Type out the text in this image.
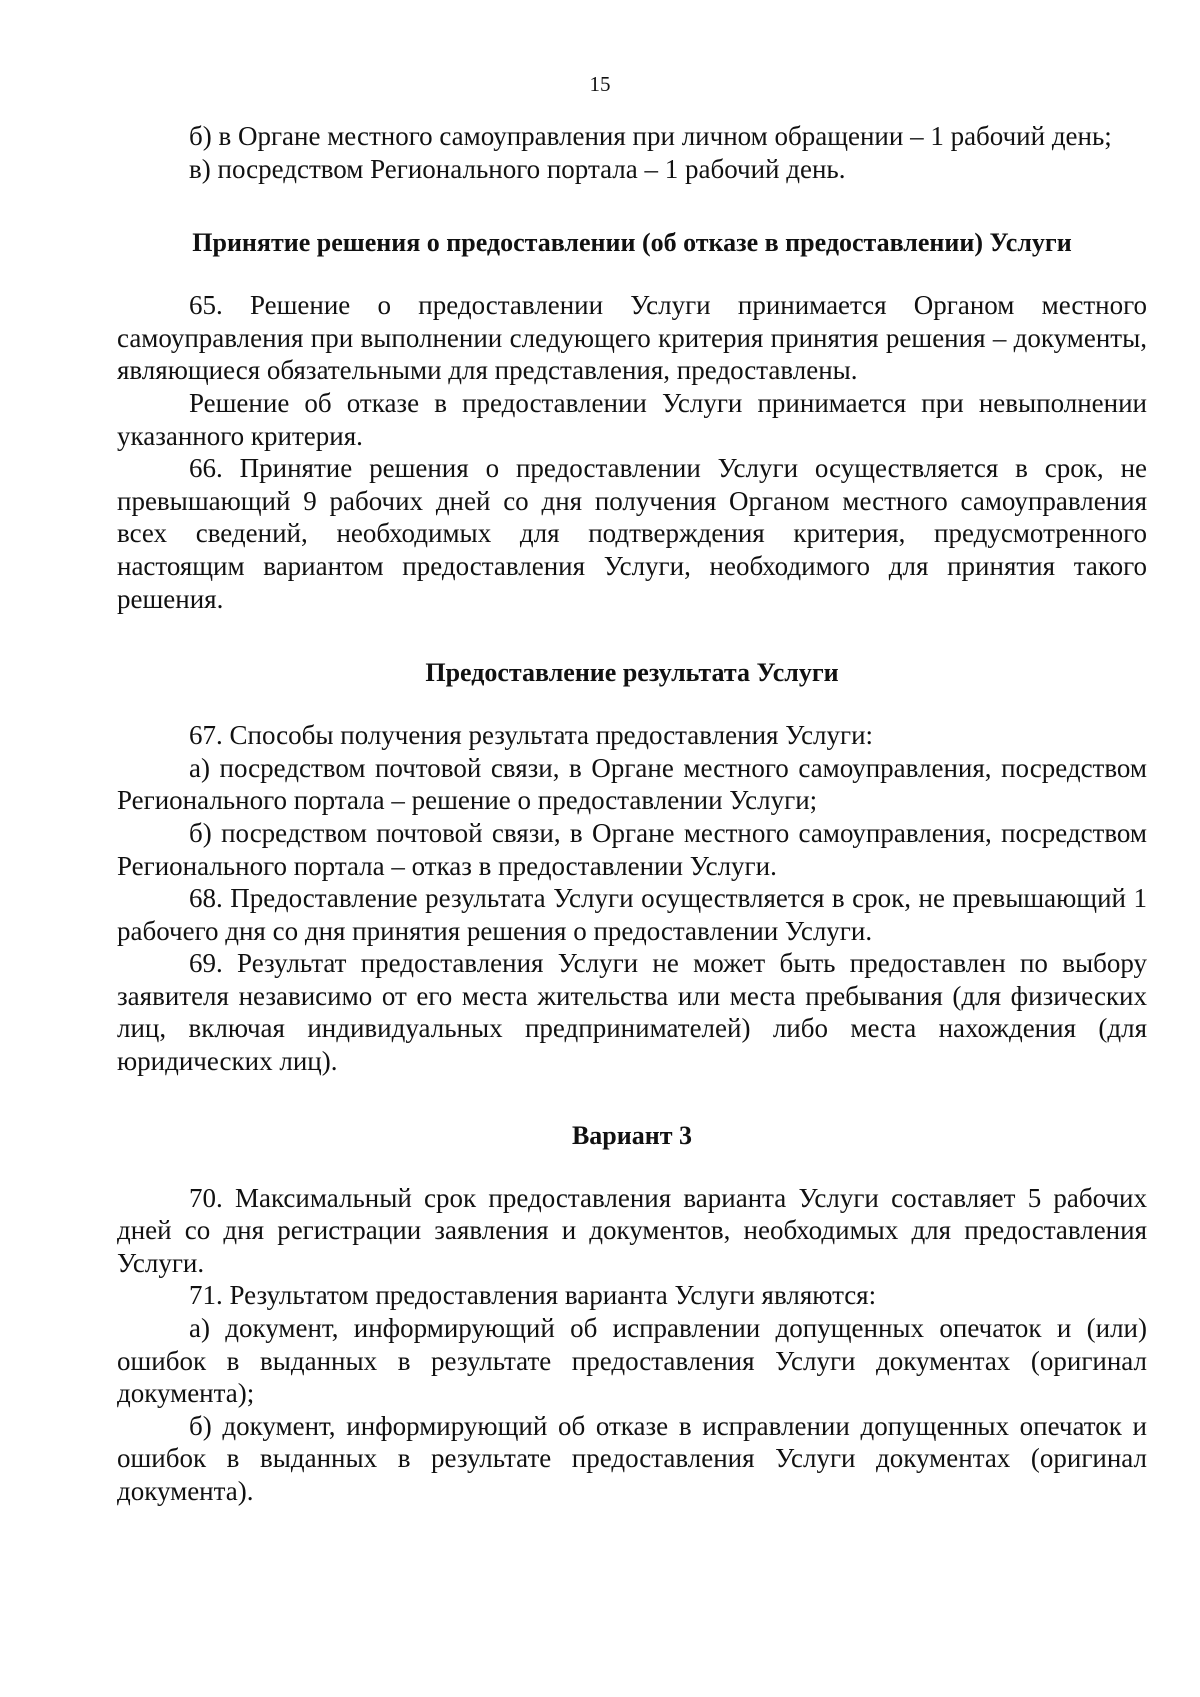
15

б) в Органе местного самоуправления при личном обращении – 1 рабочий день;

в) посредством Регионального портала – 1 рабочий день.

Принятие решения о предоставлении (об отказе в предоставлении) Услуги

65. Решение о предоставлении Услуги принимается Органом местного самоуправления при выполнении следующего критерия принятия решения – документы, являющиеся обязательными для представления, предоставлены.

Решение об отказе в предоставлении Услуги принимается при невыполнении указанного критерия.

66. Принятие решения о предоставлении Услуги осуществляется в срок, не превышающий 9 рабочих дней со дня получения Органом местного самоуправления всех сведений, необходимых для подтверждения критерия, предусмотренного настоящим вариантом предоставления Услуги, необходимого для принятия такого решения.

Предоставление результата Услуги

67. Способы получения результата предоставления Услуги:

а) посредством почтовой связи, в Органе местного самоуправления, посредством Регионального портала – решение о предоставлении Услуги;

б) посредством почтовой связи, в Органе местного самоуправления, посредством Регионального портала – отказ в предоставлении Услуги.

68. Предоставление результата Услуги осуществляется в срок, не превышающий 1 рабочего дня со дня принятия решения о предоставлении Услуги.

69. Результат предоставления Услуги не может быть предоставлен по выбору заявителя независимо от его места жительства или места пребывания (для физических лиц, включая индивидуальных предпринимателей) либо места нахождения (для юридических лиц).

Вариант 3

70. Максимальный срок предоставления варианта Услуги составляет 5 рабочих дней со дня регистрации заявления и документов, необходимых для предоставления Услуги.

71. Результатом предоставления варианта Услуги являются:

а) документ, информирующий об исправлении допущенных опечаток и (или) ошибок в выданных в результате предоставления Услуги документах (оригинал документа);

б) документ, информирующий об отказе в исправлении допущенных опечаток и ошибок в выданных в результате предоставления Услуги документах (оригинал документа).
